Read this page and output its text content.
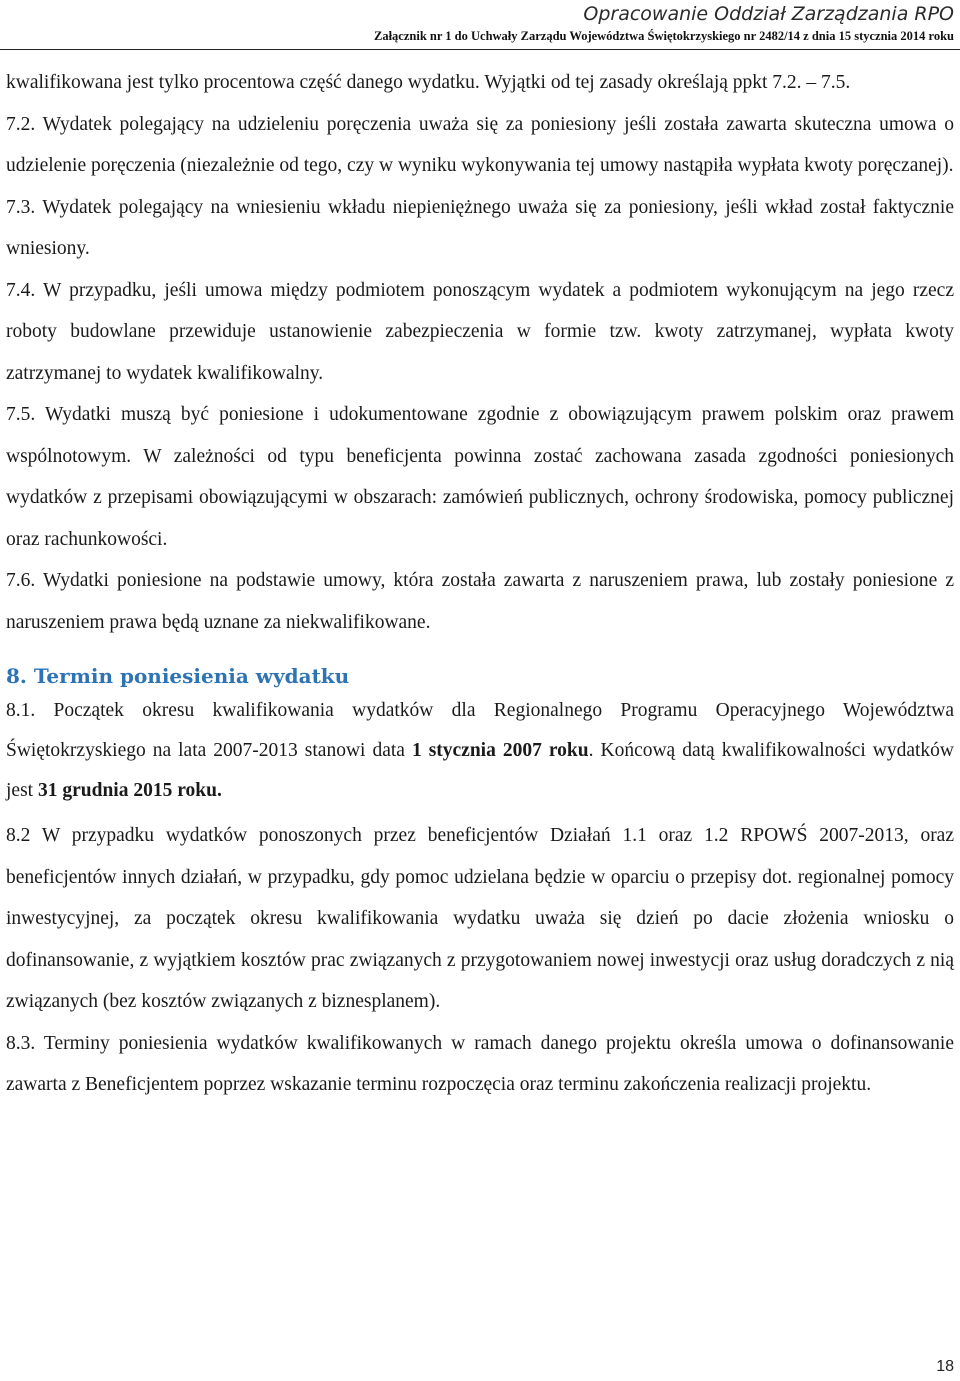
Opracowanie Oddział Zarządzania RPO
Załącznik nr 1 do Uchwały Zarządu Województwa Świętokrzyskiego nr 2482/14 z dnia 15 stycznia 2014 roku

kwalifikowana jest tylko procentowa część danego wydatku. Wyjątki od tej zasady określają ppkt 7.2. – 7.5.

7.2. Wydatek polegający na udzieleniu poręczenia uważa się za poniesiony jeśli została zawarta skuteczna umowa o udzielenie poręczenia (niezależnie od tego, czy w wyniku wykonywania tej umowy nastąpiła wypłata kwoty poręczanej).

7.3. Wydatek polegający na wniesieniu wkładu niepieniężnego uważa się za poniesiony, jeśli wkład został faktycznie wniesiony.

7.4. W przypadku, jeśli umowa między podmiotem ponoszącym wydatek a podmiotem wykonującym na jego rzecz roboty budowlane przewiduje ustanowienie zabezpieczenia w formie tzw. kwoty zatrzymanej, wypłata kwoty zatrzymanej to wydatek kwalifikowalny.

7.5. Wydatki muszą być poniesione i udokumentowane zgodnie z obowiązującym prawem polskim oraz prawem wspólnotowym. W zależności od typu beneficjenta powinna zostać zachowana zasada zgodności poniesionych wydatków z przepisami obowiązującymi w obszarach: zamówień publicznych, ochrony środowiska, pomocy publicznej oraz rachunkowości.

7.6. Wydatki poniesione na podstawie umowy, która została zawarta z naruszeniem prawa, lub zostały poniesione z naruszeniem prawa będą uznane za niekwalifikowane.

8. Termin poniesienia wydatku

8.1. Początek okresu kwalifikowania wydatków dla Regionalnego Programu Operacyjnego Województwa Świętokrzyskiego na lata 2007-2013 stanowi data 1 stycznia 2007 roku. Końcową datą kwalifikowalności wydatków jest 31 grudnia 2015 roku.

8.2 W przypadku wydatków ponoszonych przez beneficjentów Działań 1.1 oraz 1.2 RPOWŚ 2007-2013, oraz beneficjentów innych działań, w przypadku, gdy pomoc udzielana będzie w oparciu o przepisy dot. regionalnej pomocy inwestycyjnej, za początek okresu kwalifikowania wydatku uważa się dzień po dacie złożenia wniosku o dofinansowanie, z wyjątkiem kosztów prac związanych z przygotowaniem nowej inwestycji oraz usług doradczych z nią związanych (bez kosztów związanych z biznesplanem).

8.3. Terminy poniesienia wydatków kwalifikowanych w ramach danego projektu określa umowa o dofinansowanie zawarta z Beneficjentem poprzez wskazanie terminu rozpoczęcia oraz terminu zakończenia realizacji projektu.

18
